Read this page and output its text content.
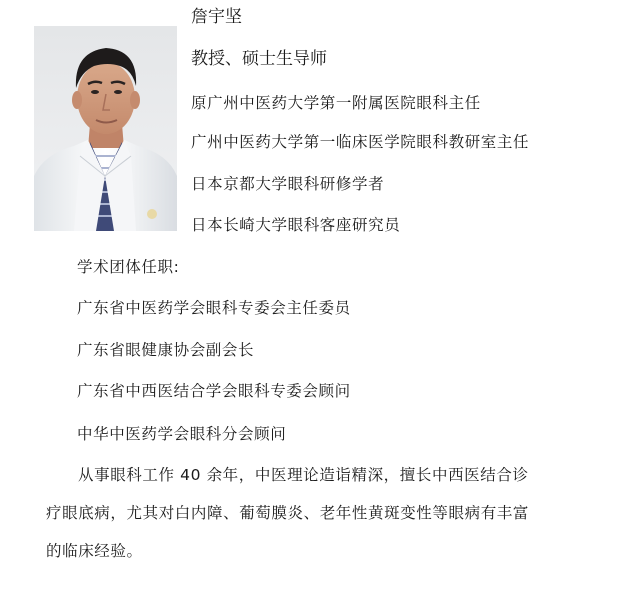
詹宇坚
教授、硕士生导师
原广州中医药大学第一附属医院眼科主任
广州中医药大学第一临床医学院眼科教研室主任
日本京都大学眼科研修学者
日本长崎大学眼科客座研究员
学术团体任职:
广东省中医药学会眼科专委会主任委员
广东省眼健康协会副会长
广东省中西医结合学会眼科专委会顾问
中华中医药学会眼科分会顾问
从事眼科工作 40 余年，中医理论造诣精深，擅长中西医结合诊
疗眼底病，尤其对白内障、葡萄膜炎、老年性黄斑变性等眼病有丰富
的临床经验。
